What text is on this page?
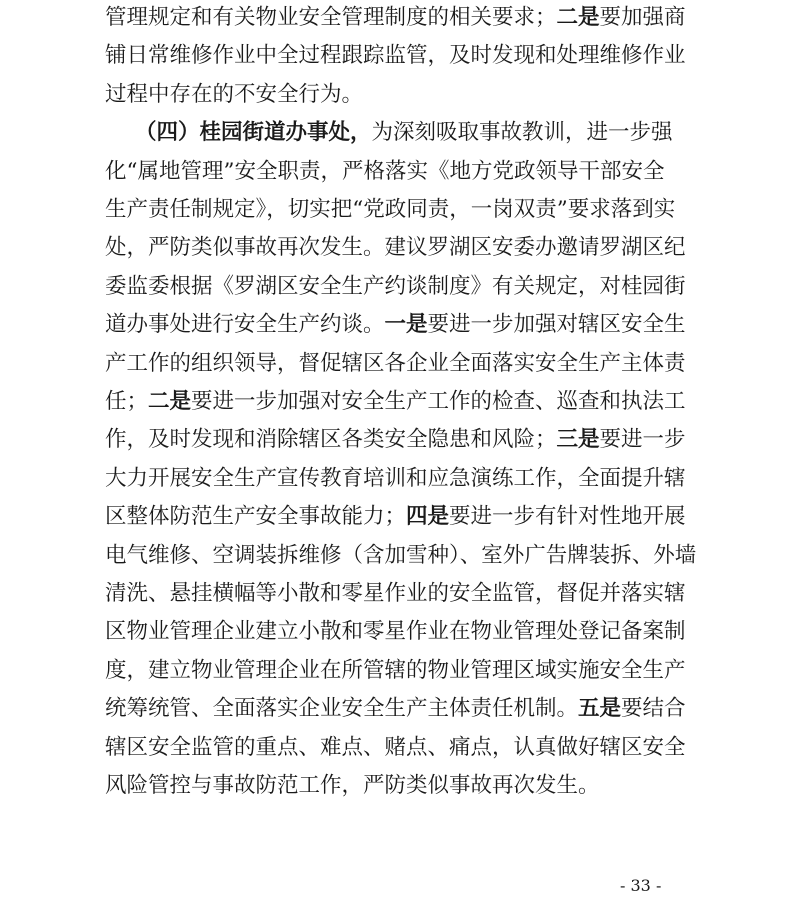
管理规定和有关物业安全管理制度的相关要求；二是要加强商
铺日常维修作业中全过程跟踪监管，及时发现和处理维修作业
过程中存在的不安全行为。
（四）桂园街道办事处，为深刻吸取事故教训，进一步强
化“属地管理”安全职责，严格落实《地方党政领导干部安全
生产责任制规定》，切实把“党政同责，一岗双责”要求落到实
处，严防类似事故再次发生。建议罗湖区安委办邀请罗湖区纪
委监委根据《罗湖区安全生产约谈制度》有关规定，对桂园街
道办事处进行安全生产约谈。一是要进一步加强对辖区安全生
产工作的组织领导，督促辖区各企业全面落实安全生产主体责
任；二是要进一步加强对安全生产工作的检查、巡查和执法工
作，及时发现和消除辖区各类安全隐患和风险；三是要进一步
大力开展安全生产宣传教育培训和应急演练工作，全面提升辖
区整体防范生产安全事故能力；四是要进一步有针对性地开展
电气维修、空调装拆维修（含加雪种）、室外广告牌装拆、外墙
清洗、悬挂横幅等小散和零星作业的安全监管，督促并落实辖
区物业管理企业建立小散和零星作业在物业管理处登记备案制
度，建立物业管理企业在所管辖的物业管理区域实施安全生产
统筹统管、全面落实企业安全生产主体责任机制。五是要结合
辖区安全监管的重点、难点、赌点、痛点，认真做好辖区安全
风险管控与事故防范工作，严防类似事故再次发生。
- 33 -
